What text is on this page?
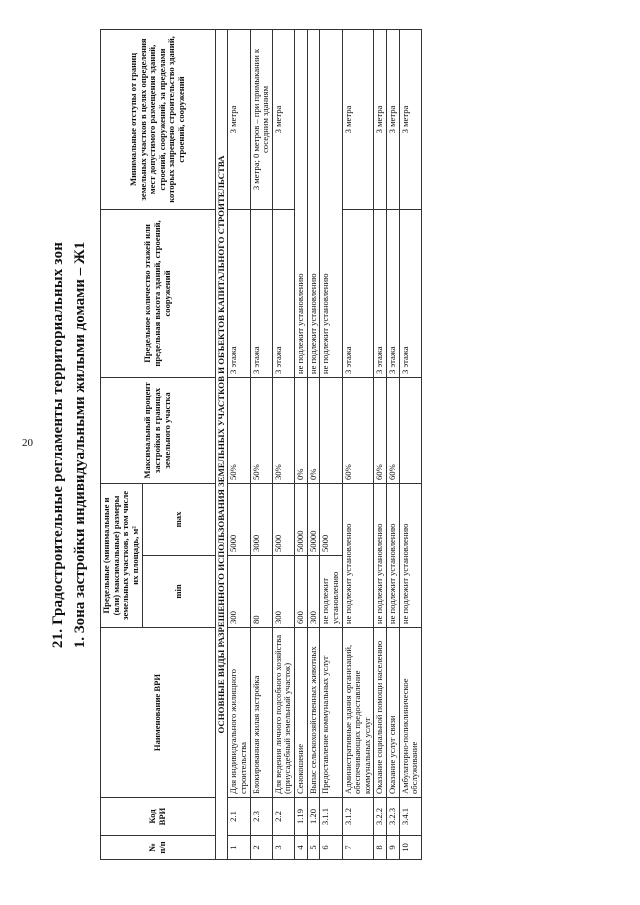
20 21. Градостроительные регламенты территориальных зон 1. Зона застройки индивидуальными жилыми домами – Ж1
№ п/п	Код ВРИ	Наименование ВРИ	Предельные (минимальные и (или) максимальные) размеры земельных участков, в том числе их площадь, м²		Максимальный процент застройки в границах земельного участка	Предельное количество этажей или предельная высота зданий, строений, сооружений	Минимальные отступы от границ земельных участков в целях определения мест допустимого размещения зданий, строений, сооружений, за пределами которых запрещено строительство зданий, строений, сооружений
			min	max			
ОСНОВНЫЕ ВИДЫ РАЗРЕШЕННОГО ИСПОЛЬЗОВАНИЯ ЗЕМЕЛЬНЫХ УЧАСТКОВ И ОБЪЕКТОВ КАПИТАЛЬНОГО СТРОИТЕЛЬСТВА							
1	2.1	Для индивидуального жилищного строительства	300	5000	50%	3 этажа	3 метра
2	2.3	Блокированная жилая застройка	80	3000	50%	3 этажа	3 метра; 0 метров – при примыкании к соседним зданиям
3	2.2	Для ведения личного подсобного хозяйства (приусадебный земельный участок)	300	5000	30%	3 этажа	3 метра
4	1.19	Сенокошение	600	50000	0%	не подлежит установлению	
5	1.20	Выпас сельскохозяйственных животных	300	50000	0%	не подлежит установлению	
6	3.1.1	Предоставление коммунальных услуг	не подлежит установлению	5000		не подлежит установлению	
7	3.1.2	Административные здания организаций, обеспечивающих предоставление коммунальных услуг	не подлежит установлению		60%	3 этажа	3 метра
8	3.2.2	Оказание социальной помощи населению	не подлежит установлению		60%	3 этажа	3 метра
9	3.2.3	Оказание услуг связи	не подлежит установлению		60%	3 этажа	3 метра
10	3.4.1	Амбулаторно-поликлиническое обслуживание	не подлежит установлению			3 этажа	3 метра
